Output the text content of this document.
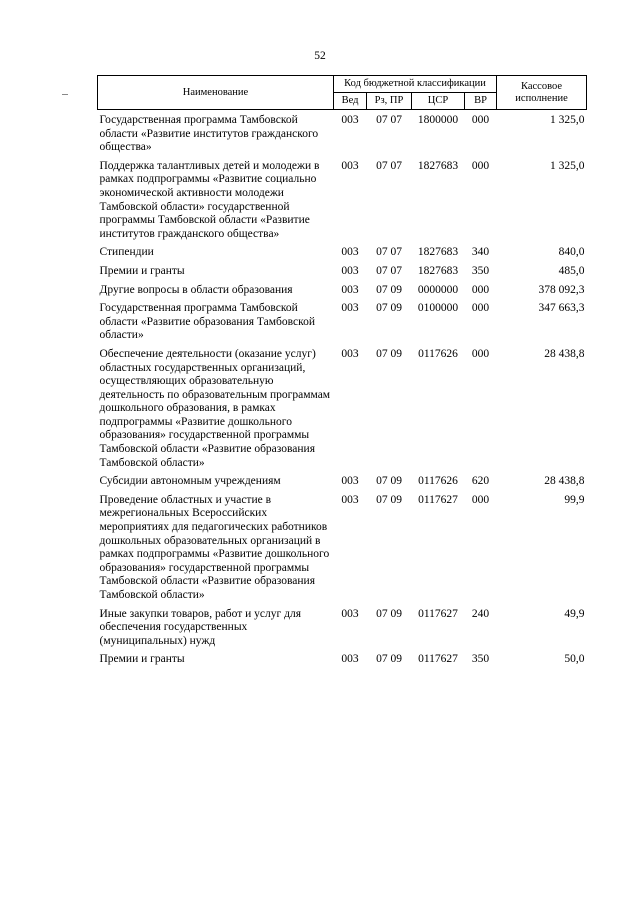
52
Наименование	Код бюджетной классификации				Кассовое исполнение
	Вед	Рз, ПР	ЦСР	ВР	
Государственная программа Тамбовской области «Развитие институтов гражданского общества»	003	07 07	1800000	000	1 325,0
Поддержка талантливых детей и молодежи в рамках подпрограммы «Развитие социально экономической активности молодежи Тамбовской области» государственной программы Тамбовской области «Развитие институтов гражданского общества»	003	07 07	1827683	000	1 325,0
Стипендии	003	07 07	1827683	340	840,0
Премии и гранты	003	07 07	1827683	350	485,0
Другие вопросы в области образования	003	07 09	0000000	000	378 092,3
Государственная программа Тамбовской области «Развитие образования Тамбовской области»	003	07 09	0100000	000	347 663,3
Обеспечение деятельности (оказание услуг) областных государственных организаций, осуществляющих образовательную деятельность по образовательным программам дошкольного образования, в рамках подпрограммы «Развитие дошкольного образования» государственной программы Тамбовской области «Развитие образования Тамбовской области»	003	07 09	0117626	000	28 438,8
Субсидии автономным учреждениям	003	07 09	0117626	620	28 438,8
Проведение областных и участие в межрегиональных Всероссийских мероприятиях для педагогических работников дошкольных образовательных организаций в рамках подпрограммы «Развитие дошкольного образования» государственной программы Тамбовской области «Развитие образования Тамбовской области»	003	07 09	0117627	000	99,9
Иные закупки товаров, работ и услуг для обеспечения государственных (муниципальных) нужд	003	07 09	0117627	240	49,9
Премии и гранты	003	07 09	0117627	350	50,0
